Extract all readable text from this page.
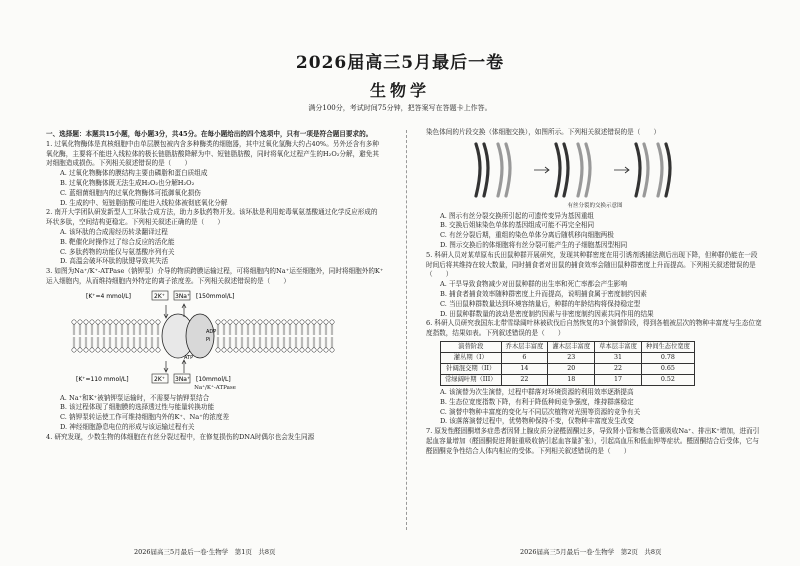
2026届高三5月最后一卷
生物学
满分100分，考试时间75分钟，把答案写在答题卡上作答。

一、选择题：本题共15小题，每小题3分，共45分。在每小题给出的四个选项中，只有一项是符合题目要求的。

1. 过氧化物酶体是真核细胞中由单层膜包被内含多种酶类的细胞器，其中过氧化氢酶大约占40%。另外还含有多种氧化酶，主要将不能进入线粒体的极长链脂肪酸降解为中、短链脂肪酸，同时将氧化过程产生的H₂O₂分解，避免其对细胞造成损伤。下列相关叙述错误的是（　　）

A. 过氧化物酶体的膜结构主要由磷脂和蛋白质组成

B. 过氧化物酶体既无法生成H₂O₂也分解H₂O₂

C. 蓝细菌细胞内的过氧化物酶体可抵御氧化损伤

D. 生成的中、短链脂肪酸可能进入线粒体被彻底氧化分解

2. 南开大学团队研发新型人工环肽合成方法，助力多肽药物开发。该环肽是利用蛇毒氧氨基酸通过化学反应形成的环状多肽，空间结构更稳定。下列相关叙述正确的是（　　）

A. 该环肽的合成需经历转录翻译过程

B. 靶催化时操作过了综合反应的活化能

C. 多肽药物的功能仅与氨基酸序列有关

D. 高温会破坏环肽的肽键导致其失活

3. 如图为Na⁺/K⁺-ATPase（钠钾泵）介导的物质跨膜运输过程，可将细胞内的Na⁺运至细胞外，同时将细胞外的K⁺运入细胞内，从而维持细胞内外特定的离子浓度差。下列相关叙述错误的是（　　）

[K⁺=4 mmol/L]	2K⁺ 3Na⁺ [150mmol/L]
ADP
Pi
ATP
[K⁺=110 mmol/L]	2K⁺ 3Na⁺ [10mmol/L]

Na⁺/K⁺-ATPase

A. Na⁺和K⁺被钠钾泵运输时，不需要与钠钾泵结合

B. 该过程体现了细胞膜的选择透过性与能量转换功能

C. 钠钾泵转运使工作可维持细胞内外的K⁺、Na⁺的浓度差

D. 神经细胞静息电位的形成与该运输过程有关

4. 研究发现，少数生物的体细胞在有丝分裂过程中，在修复损伤的DNA时偶尔也会发生同源

染色体间的片段交换（体细胞交换），如图所示。下列相关叙述错误的是（　　）

有丝分裂的交换示意图

A. 图示有丝分裂交换所引起的可遗传变异为基因重组

B. 交换后姐妹染色单体的基因组成可能不再完全相同

C. 有丝分裂后期，重组的染色单体分离后随机移向细胞两极

D. 图示交换后的体细胞将有丝分裂可能产生的子细胞基因型相同

5. 科研人员对某草原布氏田鼠种群开展研究，发现其种群密度在用引诱剂诱捕法测后出现下降，但种群仍能在一段时间后将其维持在较大数量，同时捕食者对田鼠的捕食效率会随田鼠种群密度上升而提高。下列相关叙述错误的是（　　）

A. 干旱导致食物减少对田鼠种群的出生率和死亡率都会产生影响

B. 捕食者捕食效率随种群密度上升而提高，说明捕食属于密度制约因素

C. 当田鼠种群数量达到环境容纳量后，种群的年龄结构将保持稳定型

D. 田鼠种群数量的波动是密度制约因素与非密度制约因素共同作用的结果

6. 科研人员研究我国东北带雪绿阔叶林被砍伐后自然恢复的3个演替阶段，得到各植被层次的物种丰富度与生态位宽度指数，结果如表。下列叙述错误的是（　　）

演替阶段	乔木层丰富度	灌木层丰富度	草本层丰富度	种间生态位宽度
灌丛期（I）	6	23	31	0.78
针阔混交期（II）	14	20	22	0.65
常绿阔叶期（III）	22	18	17	0.52

A. 该演替为次生演替，过程中群落对环境资源的利用效率逐渐提高

B. 生态位宽度指数下降，有利于降低种间竞争强度，维持群落稳定

C. 演替中物种丰富度的变化与不同层次植物对光照等资源的竞争有关

D. 该落落演替过程中，优势物种保持不变，仅物种丰富度发生改变

7. 原发性醛固酮增多症患者因肾上腺皮质分泌醛固酮过多，导致肾小管和集合管重吸收Na⁺、排出K⁺增加，进而引起血容量增加（醛固酮促进肾脏重吸收钠引起血容量扩张），引起高血压和低血钾等症状。醛固酮结合后受体，它与醛固酮竞争性结合人体内相应的受体。下列相关叙述错误的是（　　）

2026届高三5月最后一卷·生物学　第1页　共8页	2026届高三5月最后一卷·生物学　第2页　共8页
